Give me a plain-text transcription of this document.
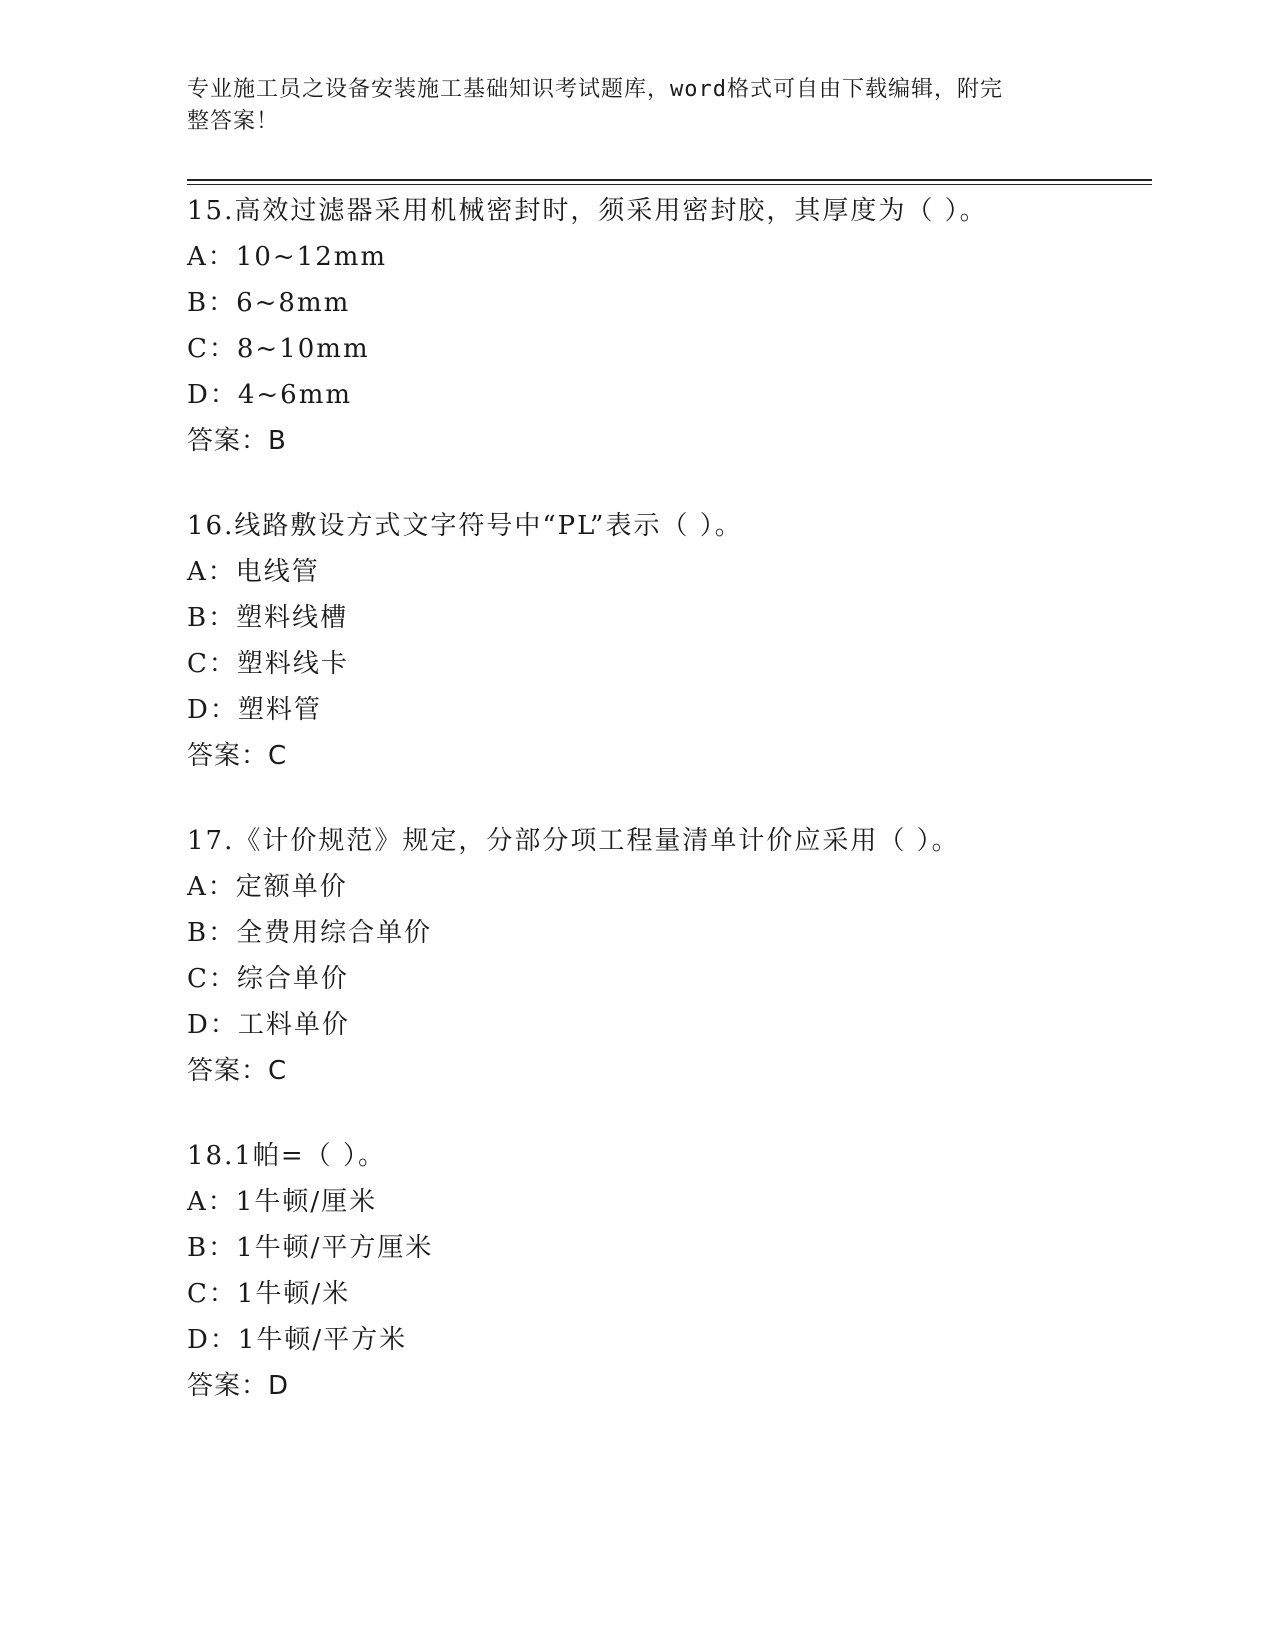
专业施工员之设备安装施工基础知识考试题库，word格式可自由下载编辑，附完
整答案！
15.高效过滤器采用机械密封时，须采用密封胶，其厚度为（ ）。
A：10~12mm
B：6~8mm
C：8~10mm
D：4~6mm
答案：B
16.线路敷设方式文字符号中“PL”表示（ ）。
A：电线管
B：塑料线槽
C：塑料线卡
D：塑料管
答案：C
17.《计价规范》规定，分部分项工程量清单计价应采用（ ）。
A：定额单价
B：全费用综合单价
C：综合单价
D：工料单价
答案：C
18.1帕=（ ）。
A：1牛顿/厘米
B：1牛顿/平方厘米
C：1牛顿/米
D：1牛顿/平方米
答案：D
